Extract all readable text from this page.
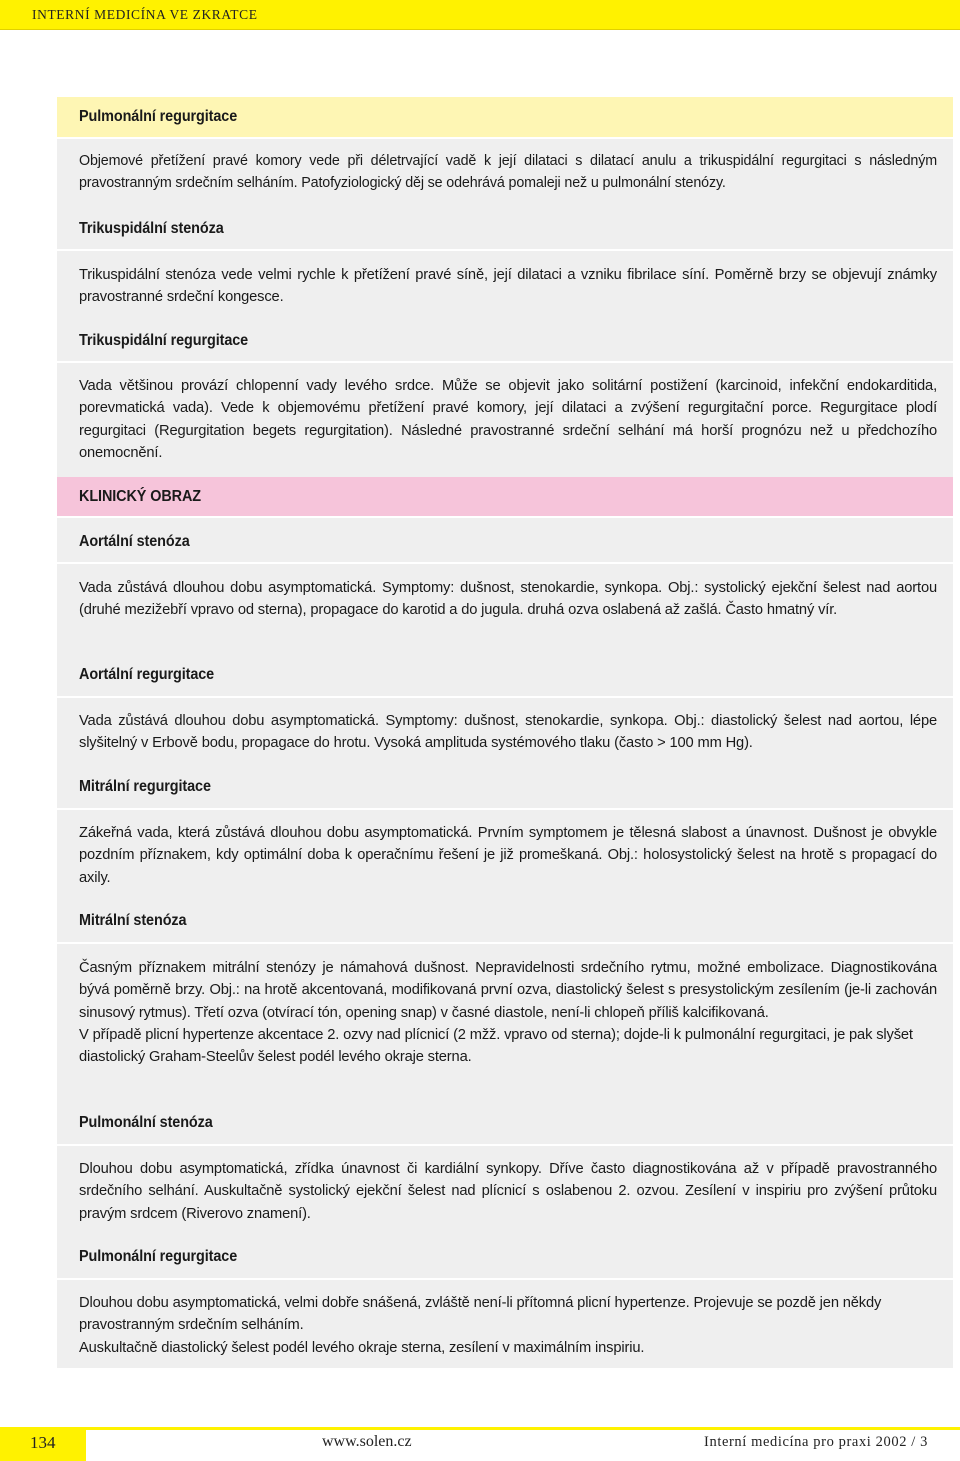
INTERNÍ MEDICÍNA VE ZKRATCE
Pulmonální regurgitace
Objemové přetížení pravé komory vede při déletrvající vadě k její dilataci s dilatací anulu a trikuspidální regurgitaci s následným pravostranným srdečním selháním. Patofyziologický děj se odehrává pomaleji než u pulmonální stenózy.
Trikuspidální stenóza
Trikuspidální stenóza vede velmi rychle k přetížení pravé síně, její dilataci a vzniku fibrilace síní. Poměrně brzy se objevují známky pravostranné srdeční kongesce.
Trikuspidální regurgitace
Vada většinou provází chlopenní vady levého srdce. Může se objevit jako solitární postižení (karcinoid, infekční endokarditida, porevmatická vada). Vede k objemovému přetížení pravé komory, její dilataci a zvýšení regurgitační porce. Regurgitace plodí regurgitaci (Regurgitation begets regurgitation). Následné pravostranné srdeční selhání má horší prognózu než u předchozího onemocnění.
KLINICKÝ OBRAZ
Aortální stenóza
Vada zůstává dlouhou dobu asymptomatická. Symptomy: dušnost, stenokardie, synkopa. Obj.: systolický ejekční šelest nad aortou (druhé mezižebří vpravo od sterna), propagace do karotid a do jugula. druhá ozva oslabená až zašlá. Často hmatný vír.
Aortální regurgitace
Vada zůstává dlouhou dobu asymptomatická. Symptomy: dušnost, stenokardie, synkopa. Obj.: diastolický šelest nad aortou, lépe slyšitelný v Erbově bodu, propagace do hrotu. Vysoká amplituda systémového tlaku (často > 100 mm Hg).
Mitrální regurgitace
Zákeřná vada, která zůstává dlouhou dobu asymptomatická. Prvním symptomem je tělesná slabost a únavnost. Dušnost je obvykle pozdním příznakem, kdy optimální doba k operačnímu řešení je již promeškaná. Obj.: holosystolický šelest na hrotě s propagací do axily.
Mitrální stenóza

Časným příznakem mitrální stenózy je námahová dušnost. Nepravidelnosti srdečního rytmu, možné embolizace. Diagnostikována bývá poměrně brzy. Obj.: na hrotě akcentovaná, modifikovaná první ozva, diastolický šelest s presystolickým zesílením (je-li zachován sinusový rytmus). Třetí ozva (otvírací tón, opening snap) v časné diastole, není-li chlopeň příliš kalcifikovaná.

V případě plicní hypertenze akcentace 2. ozvy nad plícnicí (2 mžž. vpravo od sterna); dojde-li k pulmonální regurgitaci, je pak slyšet diastolický Graham-Steelův šelest podél levého okraje sterna.

Pulmonální stenóza
Dlouhou dobu asymptomatická, zřídka únavnost či kardiální synkopy. Dříve často diagnostikována až v případě pravostranného srdečního selhání. Auskultačně systolický ejekční šelest nad plícnicí s oslabenou 2. ozvou. Zesílení v inspiriu pro zvýšení průtoku pravým srdcem (Riverovo znamení).
Pulmonální regurgitace

Dlouhou dobu asymptomatická, velmi dobře snášená, zvláště není-li přítomná plicní hypertenze. Projevuje se pozdě jen někdy pravostranným srdečním selháním.

Auskultačně diastolický šelest podél levého okraje sterna, zesílení v maximálním inspiriu.

134	www.solen.cz	Interní medicína pro praxi 2002 / 3
